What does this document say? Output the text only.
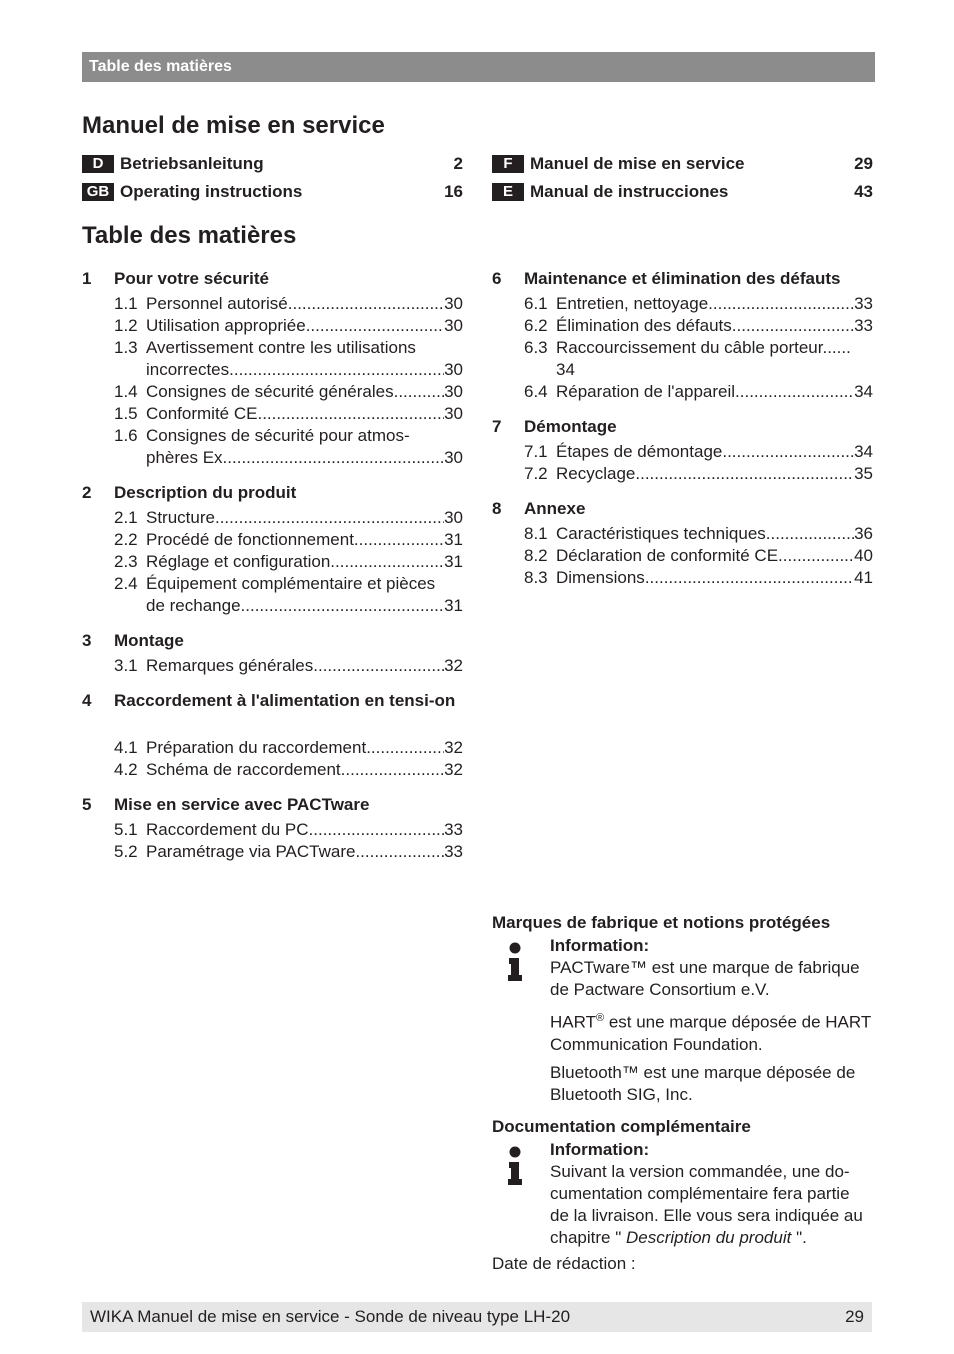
Table des matières
Manuel de mise en service
D Betriebsanleitung	2
GB Operating instructions	16
F	Manuel de mise en service	29
E	Manual de instrucciones	43
Table des matières
1 Pour votre sécurité
1.1 Personnel autorisé .....	30
1.2 Utilisation appropriée .....	30
1.3 Avertissement contre les utilisations
incorrectes .....	30
1.4 Consignes de sécurité générales .....	30
1.5 Conformité CE .....	30
1.6 Consignes de sécurité pour atmos-
phères Ex .....	30
2 Description du produit
2.1 Structure .....	30
2.2 Procédé de fonctionnement .....	31
2.3 Réglage et configuration .....	31
2.4 Équipement complémentaire et pièces
de rechange .....	31
3 Montage
3.1 Remarques générales .....	32
4 Raccordement à l'alimentation en tensi-on
4.1 Préparation du raccordement .....	32
4.2 Schéma de raccordement .....	32
5 Mise en service avec PACTware
5.1 Raccordement du PC .....	33
5.2 Paramétrage via PACTware .....	33
6 Maintenance et élimination des défauts
6.1 Entretien, nettoyage .....	33
6.2 Élimination des défauts .....	33
6.3 Raccourcissement du câble porteur......
34
6.4 Réparation de l'appareil .....	34
7 Démontage
7.1 Étapes de démontage .....	34
7.2 Recyclage .....	35
8 Annexe
8.1 Caractéristiques techniques .....	36
8.2 Déclaration de conformité CE .....	40
8.3 Dimensions .....	41
Marques de fabrique et notions protégées

Information:

PACTware™ est une marque de fabrique de Pactware Consortium e.V.

HART® est une marque déposée de HART Communication Foundation.

Bluetooth™ est une marque déposée de Bluetooth SIG, Inc.

Documentation complémentaire

Information:

Suivant la version commandée, une do-cumentation complémentaire fera partie de la livraison. Elle vous sera indiquée au chapitre " Description du produit ".

Date de rédaction :
WIKA Manuel de mise en service - Sonde de niveau type LH-20	29
